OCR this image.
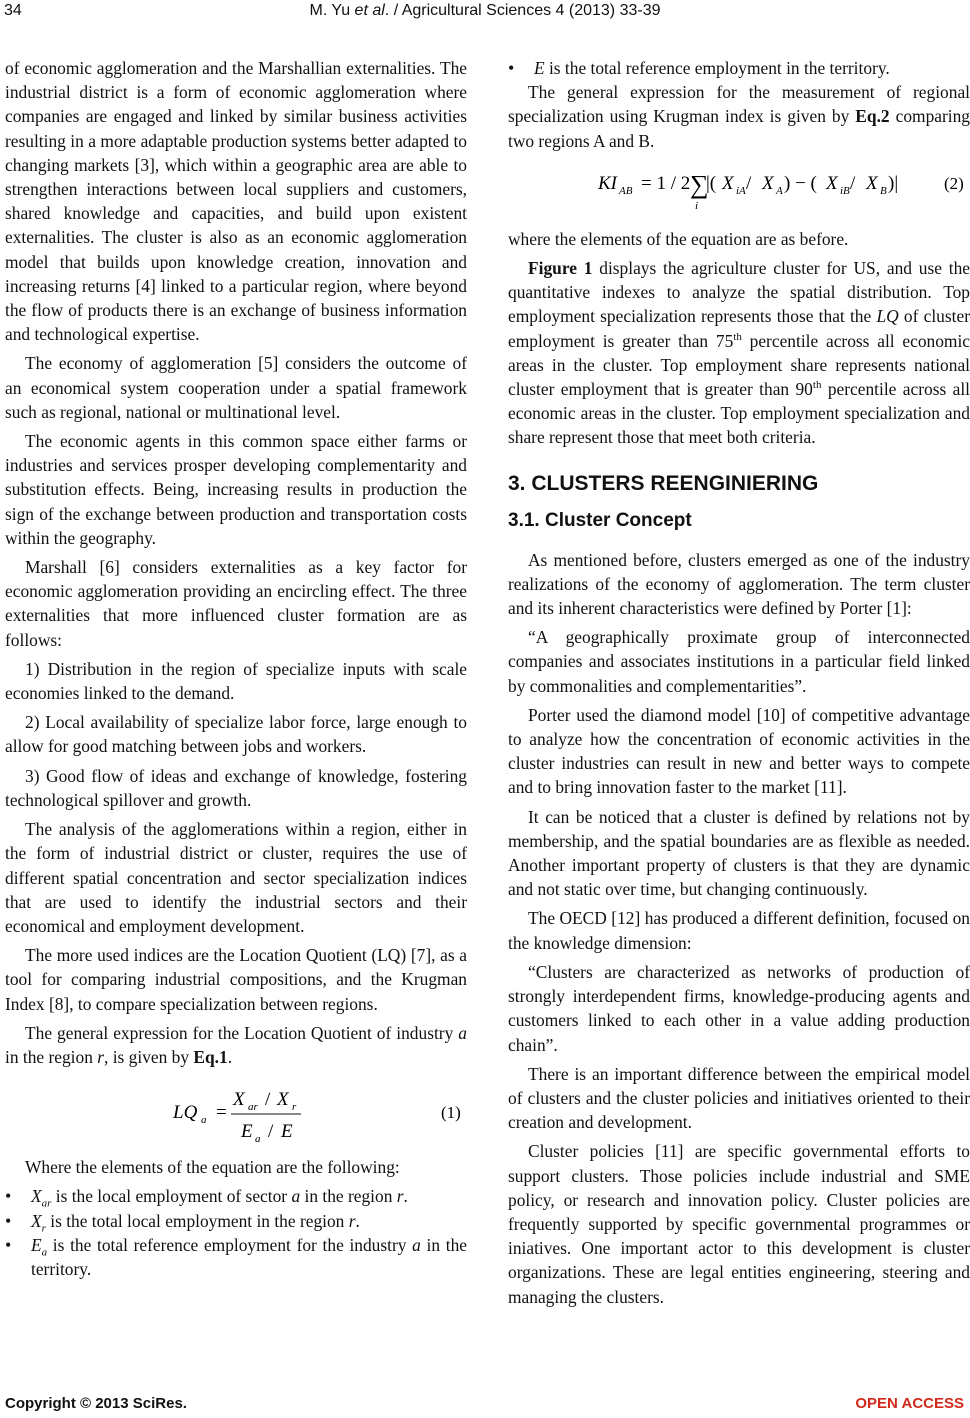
34	M. Yu et al. / Agricultural Sciences 4 (2013) 33-39

of economic agglomeration and the Marshallian externalities. The industrial district is a form of economic agglomeration where companies are engaged and linked by similar business activities resulting in a more adaptable production systems better adapted to changing markets [3], which within a geographic area are able to strengthen interactions between local suppliers and customers, shared knowledge and capacities, and build upon existent externalities. The cluster is also as an economic agglomeration model that builds upon knowledge creation, innovation and increasing returns [4] linked to a particular region, where beyond the flow of products there is an exchange of business information and technological expertise.

The economy of agglomeration [5] considers the outcome of an economical system cooperation under a spatial framework such as regional, national or multinational level.

The economic agents in this common space either farms or industries and services prosper developing complementarity and substitution effects. Being, increasing results in production the sign of the exchange between production and transportation costs within the geography.

Marshall [6] considers externalities as a key factor for economic agglomeration providing an encircling effect. The three externalities that more influenced cluster formation are as follows:

1) Distribution in the region of specialize inputs with scale economies linked to the demand.

2) Local availability of specialize labor force, large enough to allow for good matching between jobs and workers.

3) Good flow of ideas and exchange of knowledge, fostering technological spillover and growth.

The analysis of the agglomerations within a region, either in the form of industrial district or cluster, requires the use of different spatial concentration and sector specialization indices that are used to identify the industrial sectors and their economical and employment development.

The more used indices are the Location Quotient (LQ) [7], as a tool for comparing industrial compositions, and the Krugman Index [8], to compare specialization between regions.

The general expression for the Location Quotient of industry a in the region r, is given by Eq.1.

LQ a =
X ar / X r
E a / E
(1)

Where the elements of the equation are the following:

• $X_{ar}$ is the local employment of sector a in the region r.
• $X_r$ is the total local employment in the region r.
• $E_a$ is the total reference employment for the industry a in the territory.
• E is the total reference employment in the territory.

The general expression for the measurement of regional specialization using Krugman index is given by Eq.2 comparing two regions A and B.

KI AB = 1 / 2 ∑
i
|( X iA / X A ) − ( X iB / X B )|	(2)

where the elements of the equation are as before.

Figure 1 displays the agriculture cluster for US, and use the quantitative indexes to analyze the spatial distribution. Top employment specialization represents those that the LQ of cluster employment is greater than 75th percentile across all economic areas in the cluster. Top employment share represents national cluster employment that is greater than 90th percentile across all economic areas in the cluster. Top employment specialization and share represent those that meet both criteria.

3. CLUSTERS REENGINIERING
3.1. Cluster Concept

As mentioned before, clusters emerged as one of the industry realizations of the economy of agglomeration. The term cluster and its inherent characteristics were defined by Porter [1]:

“A geographically proximate group of interconnected companies and associates institutions in a particular field linked by commonalities and complementarities”.

Porter used the diamond model [10] of competitive advantage to analyze how the concentration of economic activities in the cluster industries can result in new and better ways to compete and to bring innovation faster to the market [11].

It can be noticed that a cluster is defined by relations not by membership, and the spatial boundaries are as flexible as needed. Another important property of clusters is that they are dynamic and not static over time, but changing continuously.

The OECD [12] has produced a different definition, focused on the knowledge dimension:

“Clusters are characterized as networks of production of strongly interdependent firms, knowledge-producing agents and customers linked to each other in a value adding production chain”.

There is an important difference between the empirical model of clusters and the cluster policies and initiatives oriented to their creation and development.

Cluster policies [11] are specific governmental efforts to support clusters. Those policies include industrial and SME policy, or research and innovation policy. Cluster policies are frequently supported by specific governmental programmes or iniatives. One important actor to this development is cluster organizations. These are legal entities engineering, steering and managing the clusters.

Copyright © 2013 SciRes.	OPEN ACCESS
